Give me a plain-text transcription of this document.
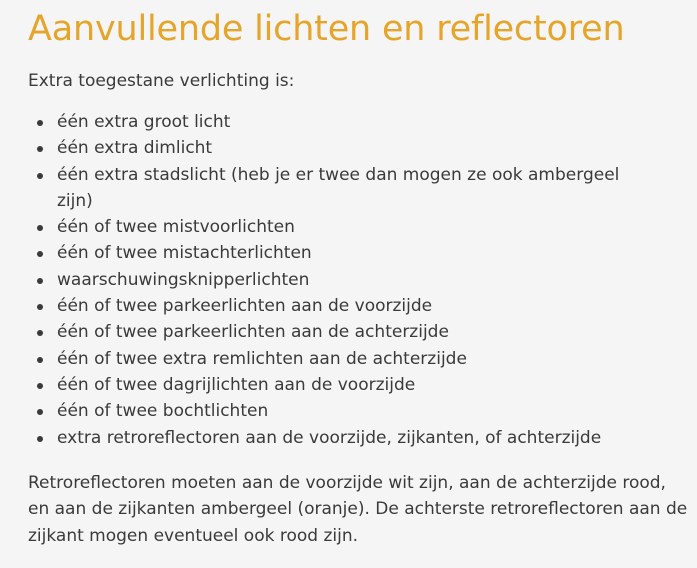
Aanvullende lichten en reflectoren

Extra toegestane verlichting is:

één extra groot licht
één extra dimlicht
één extra stadslicht (heb je er twee dan mogen ze ook ambergeel zijn)
één of twee mistvoorlichten
één of twee mistachterlichten
waarschuwingsknipperlichten
één of twee parkeerlichten aan de voorzijde
één of twee parkeerlichten aan de achterzijde
één of twee extra remlichten aan de achterzijde
één of twee dagrijlichten aan de voorzijde
één of twee bochtlichten
extra retroreflectoren aan de voorzijde, zijkanten, of achterzijde

Retroreflectoren moeten aan de voorzijde wit zijn, aan de achterzijde rood, en aan de zijkanten ambergeel (oranje). De achterste retroreflectoren aan de zijkant mogen eventueel ook rood zijn.
